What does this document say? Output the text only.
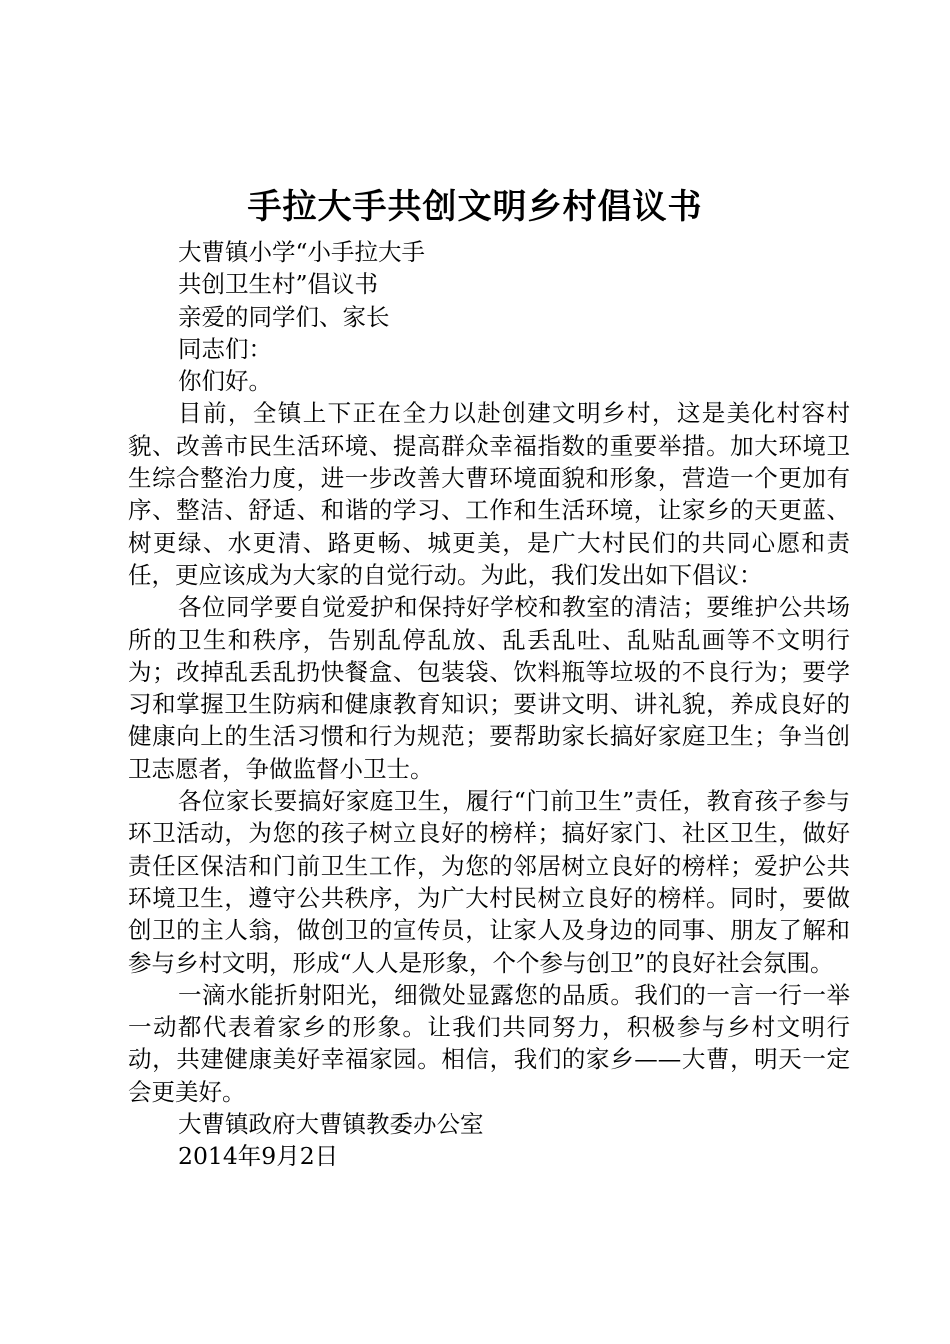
手拉大手共创文明乡村倡议书

大曹镇小学“小手拉大手

共创卫生村”倡议书

亲爱的同学们、家长

同志们：

你们好。

目前，全镇上下正在全力以赴创建文明乡村，这是美化村容村貌、改善市民生活环境、提高群众幸福指数的重要举措。加大环境卫生综合整治力度，进一步改善大曹环境面貌和形象，营造一个更加有序、整洁、舒适、和谐的学习、工作和生活环境，让家乡的天更蓝、树更绿、水更清、路更畅、城更美，是广大村民们的共同心愿和责任，更应该成为大家的自觉行动。为此，我们发出如下倡议：

各位同学要自觉爱护和保持好学校和教室的清洁；要维护公共场所的卫生和秩序，告别乱停乱放、乱丢乱吐、乱贴乱画等不文明行为；改掉乱丢乱扔快餐盒、包装袋、饮料瓶等垃圾的不良行为；要学习和掌握卫生防病和健康教育知识；要讲文明、讲礼貌，养成良好的健康向上的生活习惯和行为规范；要帮助家长搞好家庭卫生；争当创卫志愿者，争做监督小卫士。

各位家长要搞好家庭卫生，履行“门前卫生”责任，教育孩子参与环卫活动，为您的孩子树立良好的榜样；搞好家门、社区卫生，做好责任区保洁和门前卫生工作，为您的邻居树立良好的榜样；爱护公共环境卫生，遵守公共秩序，为广大村民树立良好的榜样。同时，要做创卫的主人翁，做创卫的宣传员，让家人及身边的同事、朋友了解和参与乡村文明，形成“人人是形象，个个参与创卫”的良好社会氛围。

一滴水能折射阳光，细微处显露您的品质。我们的一言一行一举一动都代表着家乡的形象。让我们共同努力，积极参与乡村文明行动，共建健康美好幸福家园。相信，我们的家乡——大曹，明天一定会更美好。

大曹镇政府大曹镇教委办公室

2014年9月2日
